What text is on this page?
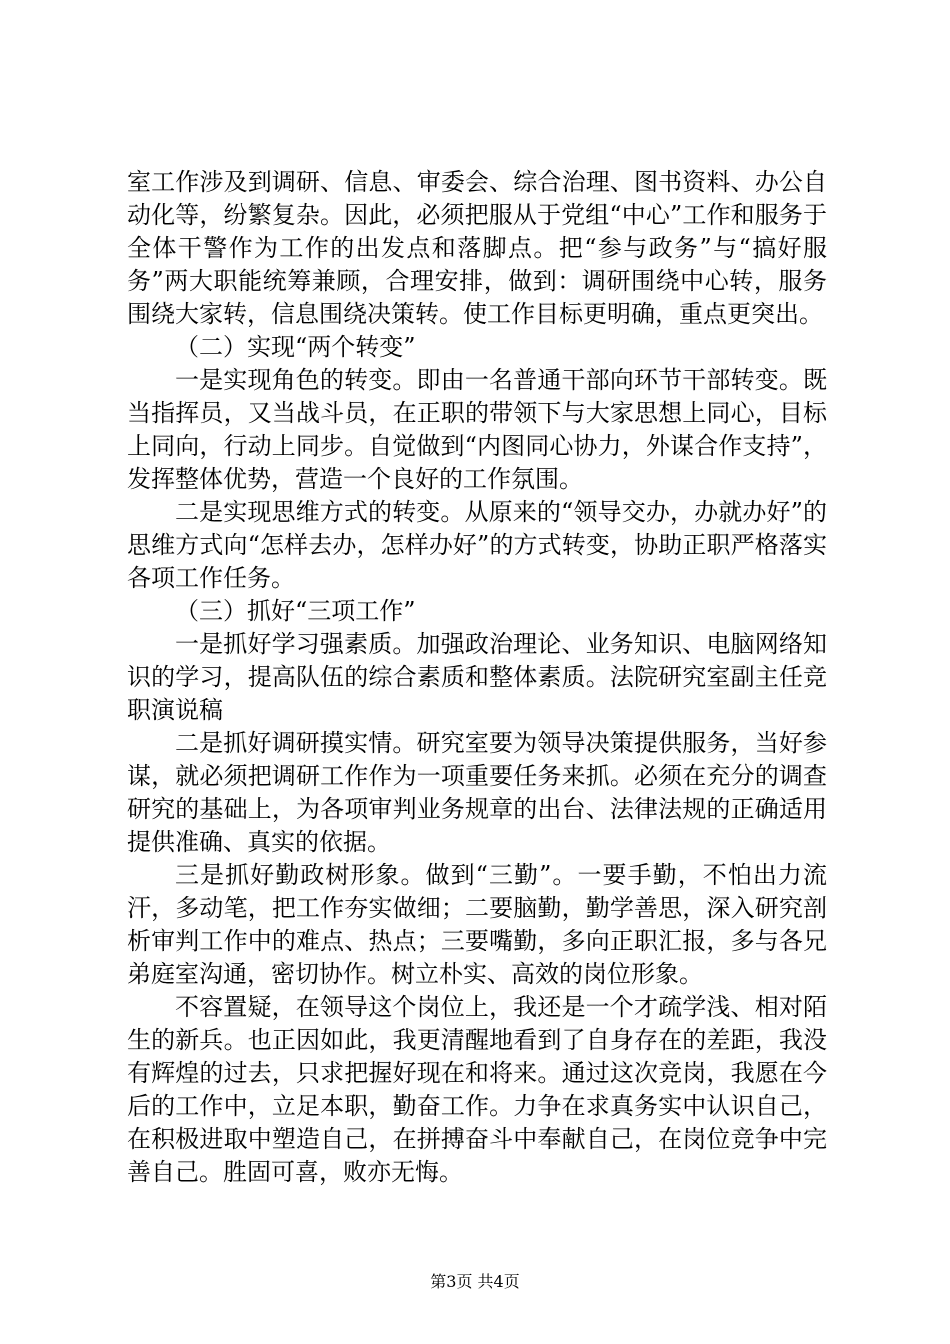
室工作涉及到调研、信息、审委会、综合治理、图书资料、办公自动化等，纷繁复杂。因此，必须把服从于党组“中心”工作和服务于全体干警作为工作的出发点和落脚点。把“参与政务”与“搞好服务”两大职能统筹兼顾，合理安排，做到：调研围绕中心转，服务围绕大家转，信息围绕决策转。使工作目标更明确，重点更突出。

（二）实现“两个转变”

一是实现角色的转变。即由一名普通干部向环节干部转变。既当指挥员，又当战斗员，在正职的带领下与大家思想上同心，目标上同向，行动上同步。自觉做到“内图同心协力，外谋合作支持”，发挥整体优势，营造一个良好的工作氛围。

二是实现思维方式的转变。从原来的“领导交办，办就办好”的思维方式向“怎样去办，怎样办好”的方式转变，协助正职严格落实各项工作任务。

（三）抓好“三项工作”

一是抓好学习强素质。加强政治理论、业务知识、电脑网络知识的学习，提高队伍的综合素质和整体素质。法院研究室副主任竞职演说稿

二是抓好调研摸实情。研究室要为领导决策提供服务，当好参谋，就必须把调研工作作为一项重要任务来抓。必须在充分的调查研究的基础上，为各项审判业务规章的出台、法律法规的正确适用提供准确、真实的依据。

三是抓好勤政树形象。做到“三勤”。一要手勤，不怕出力流汗，多动笔，把工作夯实做细；二要脑勤，勤学善思，深入研究剖析审判工作中的难点、热点；三要嘴勤，多向正职汇报，多与各兄弟庭室沟通，密切协作。树立朴实、高效的岗位形象。

不容置疑，在领导这个岗位上，我还是一个才疏学浅、相对陌生的新兵。也正因如此，我更清醒地看到了自身存在的差距，我没有辉煌的过去，只求把握好现在和将来。通过这次竞岗，我愿在今后的工作中，立足本职，勤奋工作。力争在求真务实中认识自己，在积极进取中塑造自己，在拼搏奋斗中奉献自己，在岗位竞争中完善自己。胜固可喜，败亦无悔。

第3页 共4页
